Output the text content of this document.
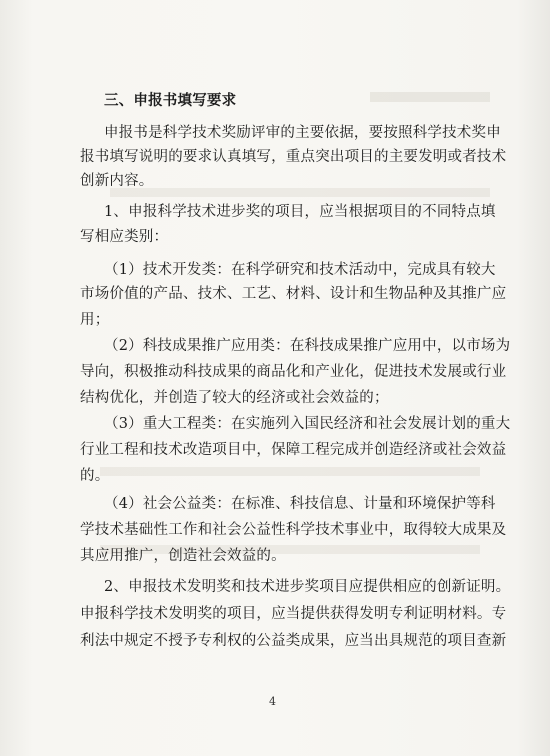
三、申报书填写要求
申报书是科学技术奖励评审的主要依据，要按照科学技术奖申
报书填写说明的要求认真填写，重点突出项目的主要发明或者技术
创新内容。
1、申报科学技术进步奖的项目，应当根据项目的不同特点填
写相应类别：
（1）技术开发类：在科学研究和技术活动中，完成具有较大
市场价值的产品、技术、工艺、材料、设计和生物品种及其推广应
用；
（2）科技成果推广应用类：在科技成果推广应用中，以市场为
导向，积极推动科技成果的商品化和产业化，促进技术发展或行业
结构优化，并创造了较大的经济或社会效益的；
（3）重大工程类：在实施列入国民经济和社会发展计划的重大
行业工程和技术改造项目中，保障工程完成并创造经济或社会效益
的。
（4）社会公益类：在标准、科技信息、计量和环境保护等科
学技术基础性工作和社会公益性科学技术事业中，取得较大成果及
其应用推广，创造社会效益的。
2、申报技术发明奖和技术进步奖项目应提供相应的创新证明。
申报科学技术发明奖的项目，应当提供获得发明专利证明材料。专
利法中规定不授予专利权的公益类成果，应当出具规范的项目查新
4
